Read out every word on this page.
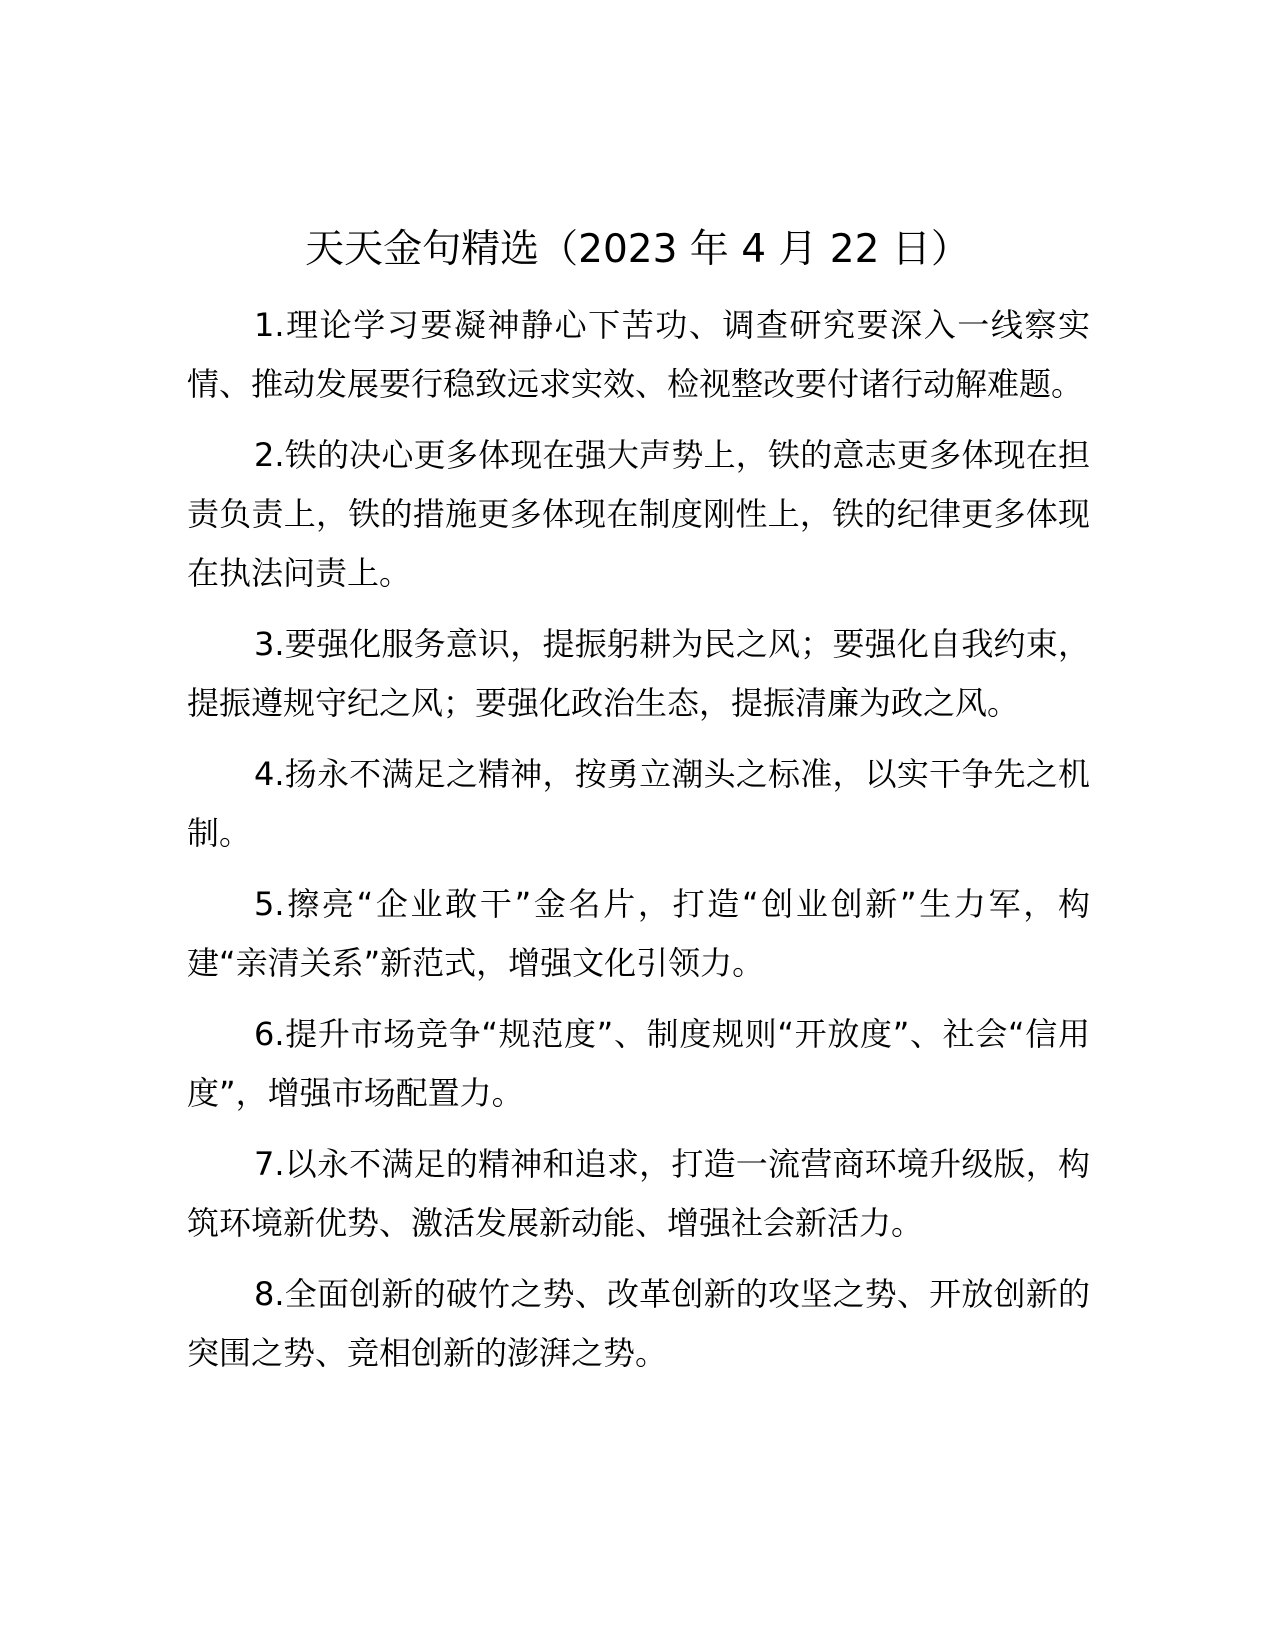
天天金句精选（2023 年 4 月 22 日）

1.理论学习要凝神静心下苦功、调查研究要深入一线察实情、推动发展要行稳致远求实效、检视整改要付诸行动解难题。

2.铁的决心更多体现在强大声势上，铁的意志更多体现在担责负责上，铁的措施更多体现在制度刚性上，铁的纪律更多体现在执法问责上。

3.要强化服务意识，提振躬耕为民之风；要强化自我约束，提振遵规守纪之风；要强化政治生态，提振清廉为政之风。

4.扬永不满足之精神，按勇立潮头之标准，以实干争先之机制。

5.擦亮“企业敢干”金名片，打造“创业创新”生力军，构建“亲清关系”新范式，增强文化引领力。

6.提升市场竞争“规范度”、制度规则“开放度”、社会“信用度”，增强市场配置力。

7.以永不满足的精神和追求，打造一流营商环境升级版，构筑环境新优势、激活发展新动能、增强社会新活力。

8.全面创新的破竹之势、改革创新的攻坚之势、开放创新的突围之势、竞相创新的澎湃之势。
